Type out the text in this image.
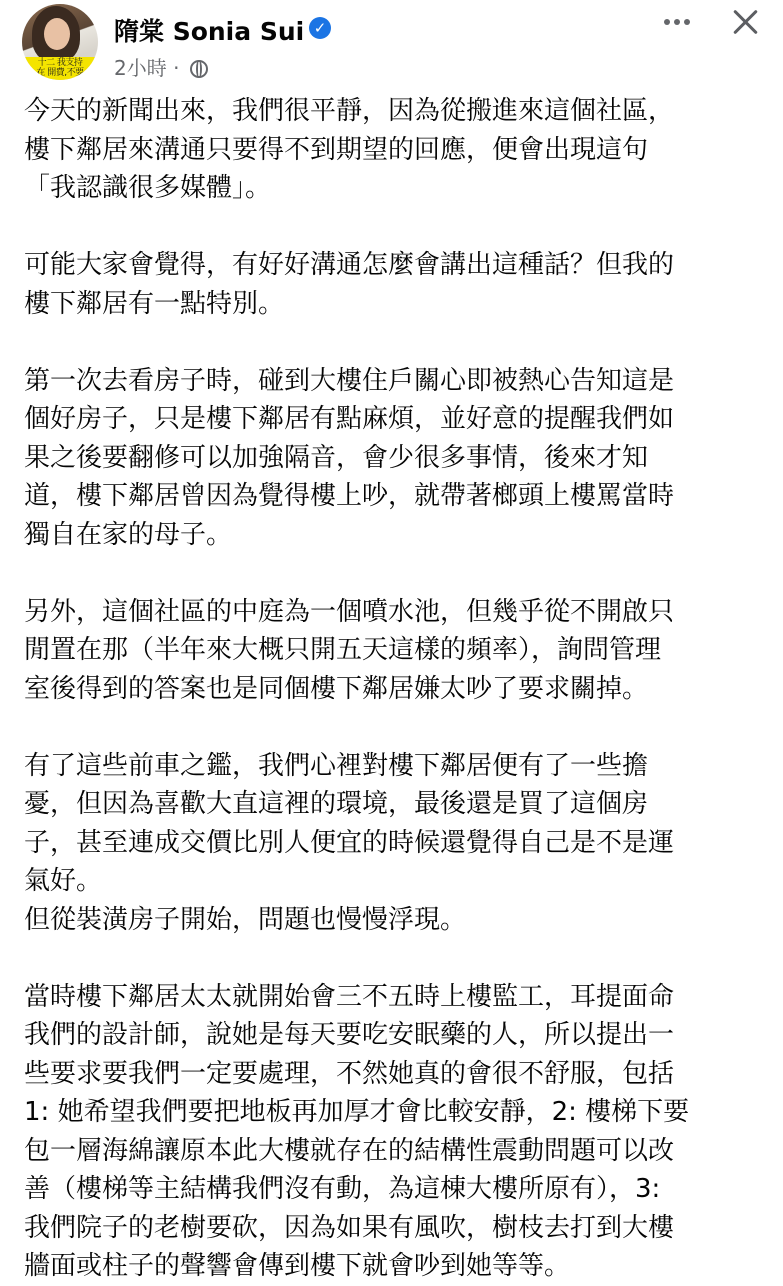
十二 我支持
在 開費,不要
隋棠 Sonia Sui ✓
2小時 ·

今天的新聞出來，我們很平靜，因為從搬進來這個社區，
樓下鄰居來溝通只要得不到期望的回應，便會出現這句
「我認識很多媒體」。

可能大家會覺得，有好好溝通怎麼會講出這種話？但我的
樓下鄰居有一點特別。

第一次去看房子時，碰到大樓住戶關心即被熱心告知這是
個好房子，只是樓下鄰居有點麻煩，並好意的提醒我們如
果之後要翻修可以加強隔音，會少很多事情，後來才知
道，樓下鄰居曾因為覺得樓上吵，就帶著榔頭上樓罵當時
獨自在家的母子。

另外，這個社區的中庭為一個噴水池，但幾乎從不開啟只
閒置在那（半年來大概只開五天這樣的頻率），詢問管理
室後得到的答案也是同個樓下鄰居嫌太吵了要求關掉。

有了這些前車之鑑，我們心裡對樓下鄰居便有了一些擔
憂，但因為喜歡大直這裡的環境，最後還是買了這個房
子，甚至連成交價比別人便宜的時候還覺得自己是不是運
氣好。
但從裝潢房子開始，問題也慢慢浮現。

當時樓下鄰居太太就開始會三不五時上樓監工，耳提面命
我們的設計師，說她是每天要吃安眠藥的人，所以提出一
些要求要我們一定要處理，不然她真的會很不舒服，包括
1: 她希望我們要把地板再加厚才會比較安靜，2: 樓梯下要
包一層海綿讓原本此大樓就存在的結構性震動問題可以改
善（樓梯等主結構我們沒有動，為這棟大樓所原有），3:
我們院子的老樹要砍，因為如果有風吹，樹枝去打到大樓
牆面或柱子的聲響會傳到樓下就會吵到她等等。
